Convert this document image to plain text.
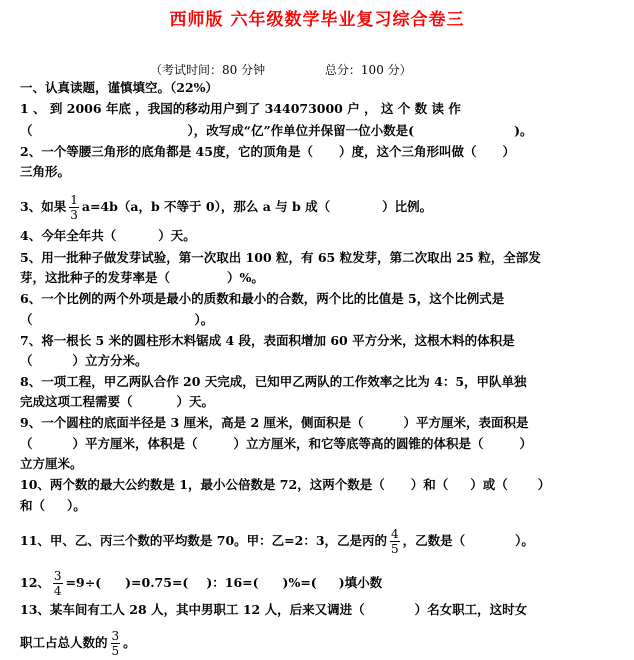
西师版 六年级数学毕业复习综合卷三
（考试时间：80 分钟	总分：100 分）
一、认真读题，谨慎填空。（22%）
1 、 到 2006 年底 ，我国的移动用户到了 344073000 户 ， 这 个 数 读 作
（	），改写成“亿”作单位并保留一位小数是(	)。
2、一个等腰三角形的底角都是 45度，它的顶角是（ ）度，这个三角形叫做（ ）
三角形。
3、如果 $\frac{1}{3} a=4b(a$，b 不等于 0），那么 a 与 b 成（	）比例。
4、今年全年共（	）天。
5、用一批种子做发芽试验，第一次取出 100 粒，有 65 粒发芽，第二次取出 25 粒，全部发
芽，这批种子的发芽率是（	）%。
6、一个比例的两个外项是最小的质数和最小的合数，两个比的比值是 5，这个比例式是
（	）。
7、将一根长 5 米的圆柱形木料锯成 4 段，表面积增加 60 平方分米，这根木料的体积是
（	）立方分米。
8、一项工程，甲乙两队合作 20 天完成，已知甲乙两队的工作效率之比为 4：5，甲队单独
完成这项工程需要（	）天。
9、一个圆柱的底面半径是 3 厘米，高是 2 厘米，侧面积是（	）平方厘米，表面积是
（	）平方厘米，体积是（	）立方厘米，和它等底等高的圆锥的体积是（	）
立方厘米。
10、两个数的最大公约数是 1，最小公倍数是 72，这两个数是（ ）和（ ）或（ ）
和（ ）。
11、甲、乙、丙三个数的平均数是 70。甲：乙=2：3，乙是丙的 $\frac{4}{5}$ ，乙数是（	）。
12、 $\frac{3}{4} =9\div$( )=0.75=( )：16=( )%=( )填小数
13、某车间有工人 28 人，其中男职工 12 人，后来又调进（	）名女职工，这时女
职工占总人数的 $\frac{3}{5}$ 。
